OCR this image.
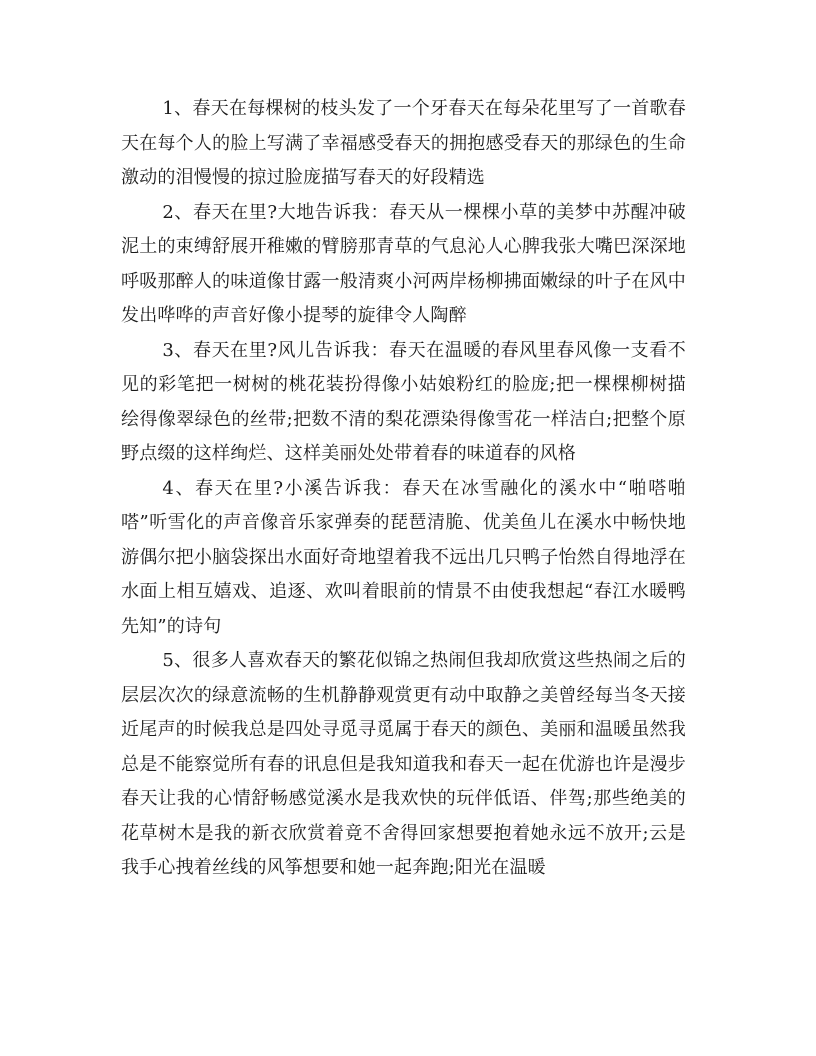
1、春天在每棵树的枝头发了一个牙春天在每朵花里写了一首歌春天在每个人的脸上写满了幸福感受春天的拥抱感受春天的那绿色的生命激动的泪慢慢的掠过脸庞描写春天的好段精选

2、春天在里?大地告诉我：春天从一棵棵小草的美梦中苏醒冲破泥土的束缚舒展开稚嫩的臂膀那青草的气息沁人心脾我张大嘴巴深深地呼吸那醉人的味道像甘露一般清爽小河两岸杨柳拂面嫩绿的叶子在风中发出哗哗的声音好像小提琴的旋律令人陶醉

3、春天在里?风儿告诉我：春天在温暖的春风里春风像一支看不见的彩笔把一树树的桃花装扮得像小姑娘粉红的脸庞;把一棵棵柳树描绘得像翠绿色的丝带;把数不清的梨花漂染得像雪花一样洁白;把整个原野点缀的这样绚烂、这样美丽处处带着春的味道春的风格

4、春天在里?小溪告诉我：春天在冰雪融化的溪水中“啪嗒啪嗒”听雪化的声音像音乐家弹奏的琵琶清脆、优美鱼儿在溪水中畅快地游偶尔把小脑袋探出水面好奇地望着我不远出几只鸭子怡然自得地浮在水面上相互嬉戏、追逐、欢叫着眼前的情景不由使我想起“春江水暖鸭先知”的诗句

5、很多人喜欢春天的繁花似锦之热闹但我却欣赏这些热闹之后的层层次次的绿意流畅的生机静静观赏更有动中取静之美曾经每当冬天接近尾声的时候我总是四处寻觅寻觅属于春天的颜色、美丽和温暖虽然我总是不能察觉所有春的讯息但是我知道我和春天一起在优游也许是漫步春天让我的心情舒畅感觉溪水是我欢快的玩伴低语、伴驾;那些绝美的花草树木是我的新衣欣赏着竟不舍得回家想要抱着她永远不放开;云是我手心拽着丝线的风筝想要和她一起奔跑;阳光在温暖
